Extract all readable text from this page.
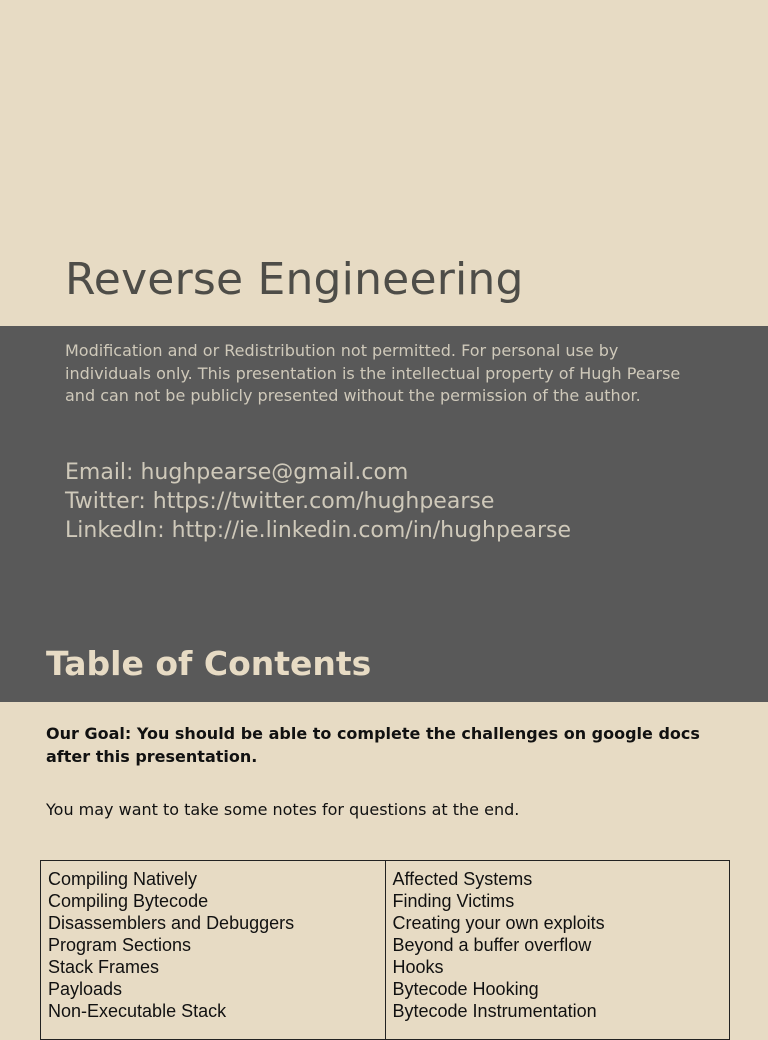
Reverse Engineering
Modification and or Redistribution not permitted. For personal use by individuals only. This presentation is the intellectual property of Hugh Pearse and can not be publicly presented without the permission of the author.
Email: hughpearse@gmail.com
Twitter: https://twitter.com/hughpearse
LinkedIn: http://ie.linkedin.com/in/hughpearse
Table of Contents
Our Goal: You should be able to complete the challenges on google docs after this presentation.
You may want to take some notes for questions at the end.
Compiling Natively
Compiling Bytecode
Disassemblers and Debuggers
Program Sections
Stack Frames
Payloads
Non-Executable Stack
Affected Systems
Finding Victims
Creating your own exploits
Beyond a buffer overflow
Hooks
Bytecode Hooking
Bytecode Instrumentation
